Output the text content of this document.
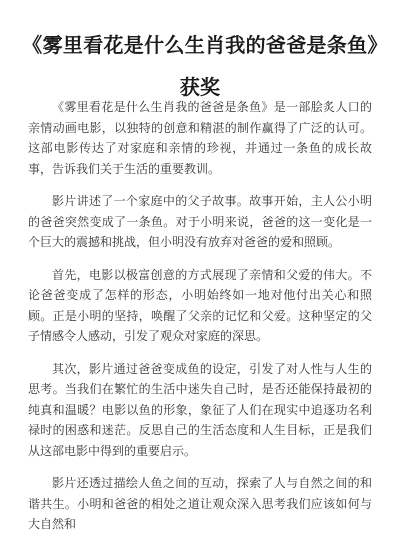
《雾里看花是什么生肖我的爸爸是条鱼》获奖

《雾里看花是什么生肖我的爸爸是条鱼》是一部脍炙人口的亲情动画电影，以独特的创意和精湛的制作赢得了广泛的认可。这部电影传达了对家庭和亲情的珍视，并通过一条鱼的成长故事，告诉我们关于生活的重要教训。

影片讲述了一个家庭中的父子故事。故事开始，主人公小明的爸爸突然变成了一条鱼。对于小明来说，爸爸的这一变化是一个巨大的震撼和挑战，但小明没有放弃对爸爸的爱和照顾。

首先，电影以极富创意的方式展现了亲情和父爱的伟大。不论爸爸变成了怎样的形态，小明始终如一地对他付出关心和照顾。正是小明的坚持，唤醒了父亲的记忆和父爱。这种坚定的父子情感令人感动，引发了观众对家庭的深思。

其次，影片通过爸爸变成鱼的设定，引发了对人性与人生的思考。当我们在繁忙的生活中迷失自己时，是否还能保持最初的纯真和温暖？电影以鱼的形象，象征了人们在现实中追逐功名利禄时的困惑和迷茫。反思自己的生活态度和人生目标，正是我们从这部电影中得到的重要启示。

影片还透过描绘人鱼之间的互动，探索了人与自然之间的和谐共生。小明和爸爸的相处之道让观众深入思考我们应该如何与大自然和
